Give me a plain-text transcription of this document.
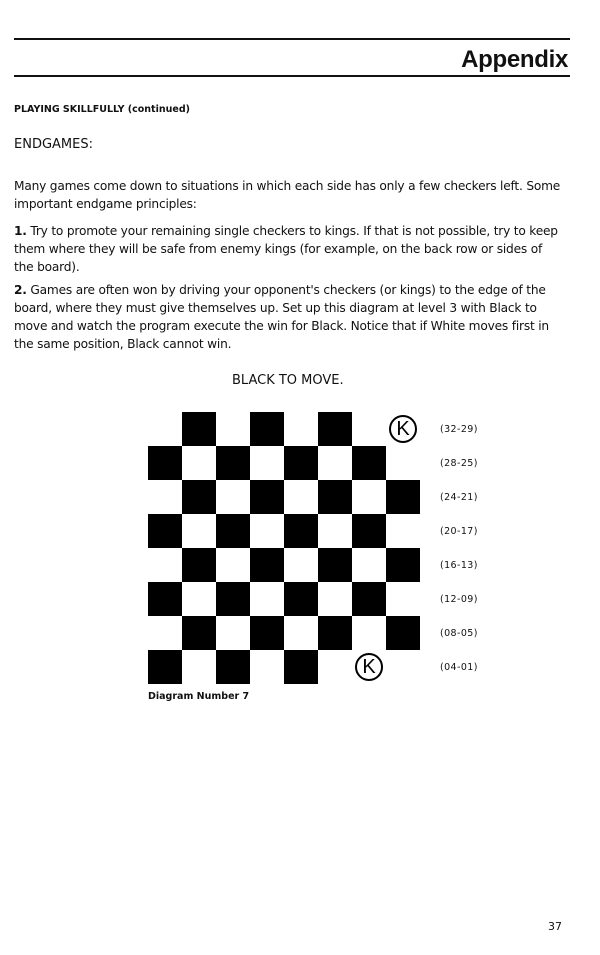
Appendix
PLAYING SKILLFULLY (continued)
ENDGAMES:

Many games come down to situations in which each side has only a few checkers left. Some important endgame principles:

1. Try to promote your remaining single checkers to kings. If that is not possible, try to keep them where they will be safe from enemy kings (for example, on the back row or sides of the board).

2. Games are often won by driving your opponent's checkers (or kings) to the edge of the board, where they must give themselves up. Set up this diagram at level 3 with Black to move and watch the program execute the win for Black. Notice that if White moves first in the same position, Black cannot win.

BLACK TO MOVE.
K
K
(32-29)
(28-25)
(24-21)
(20-17)
(16-13)
(12-09)
(08-05)
(04-01)
Diagram Number 7
37
